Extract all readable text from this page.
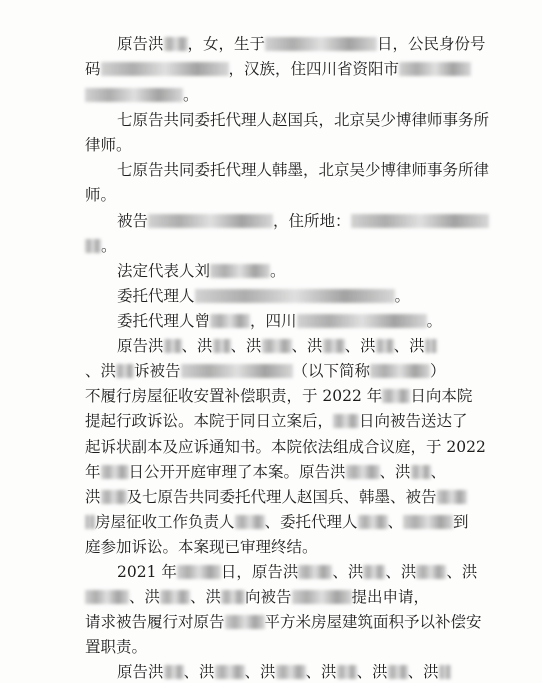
原告洪 ，女，生于	日，公民身份号
码	，汉族，住四川省资阳市
。
七原告共同委托代理人赵国兵，北京吴少博律师事务所
律师。
七原告共同委托代理人韩墨，北京吴少博律师事务所律
师。
被告	，住所地：
。
法定代表人刘	。
委托代理人	。
委托代理人曾	，四川	。
原告洪 、洪 、洪 、洪 、洪 、洪
、洪 诉被告	（以下简称	）
不履行房屋征收安置补偿职责，于 2022 年 日向本院
提起行政诉讼。本院于同日立案后， 日向被告送达了
起诉状副本及应诉通知书。本院依法组成合议庭，于 2022
年 日公开开庭审理了本案。原告洪 、洪 、
洪 及七原告共同委托代理人赵国兵、韩墨、被告
房屋征收工作负责人 、委托代理人 、	到
庭参加诉讼。本案现已审理终结。
2021 年	日，原告洪 、洪 、洪 、洪
、洪 、洪 向被告	提出申请，
请求被告履行对原告	平方米房屋建筑面积予以补偿安
置职责。
原告洪 、洪 、洪 、洪 、洪 、洪
